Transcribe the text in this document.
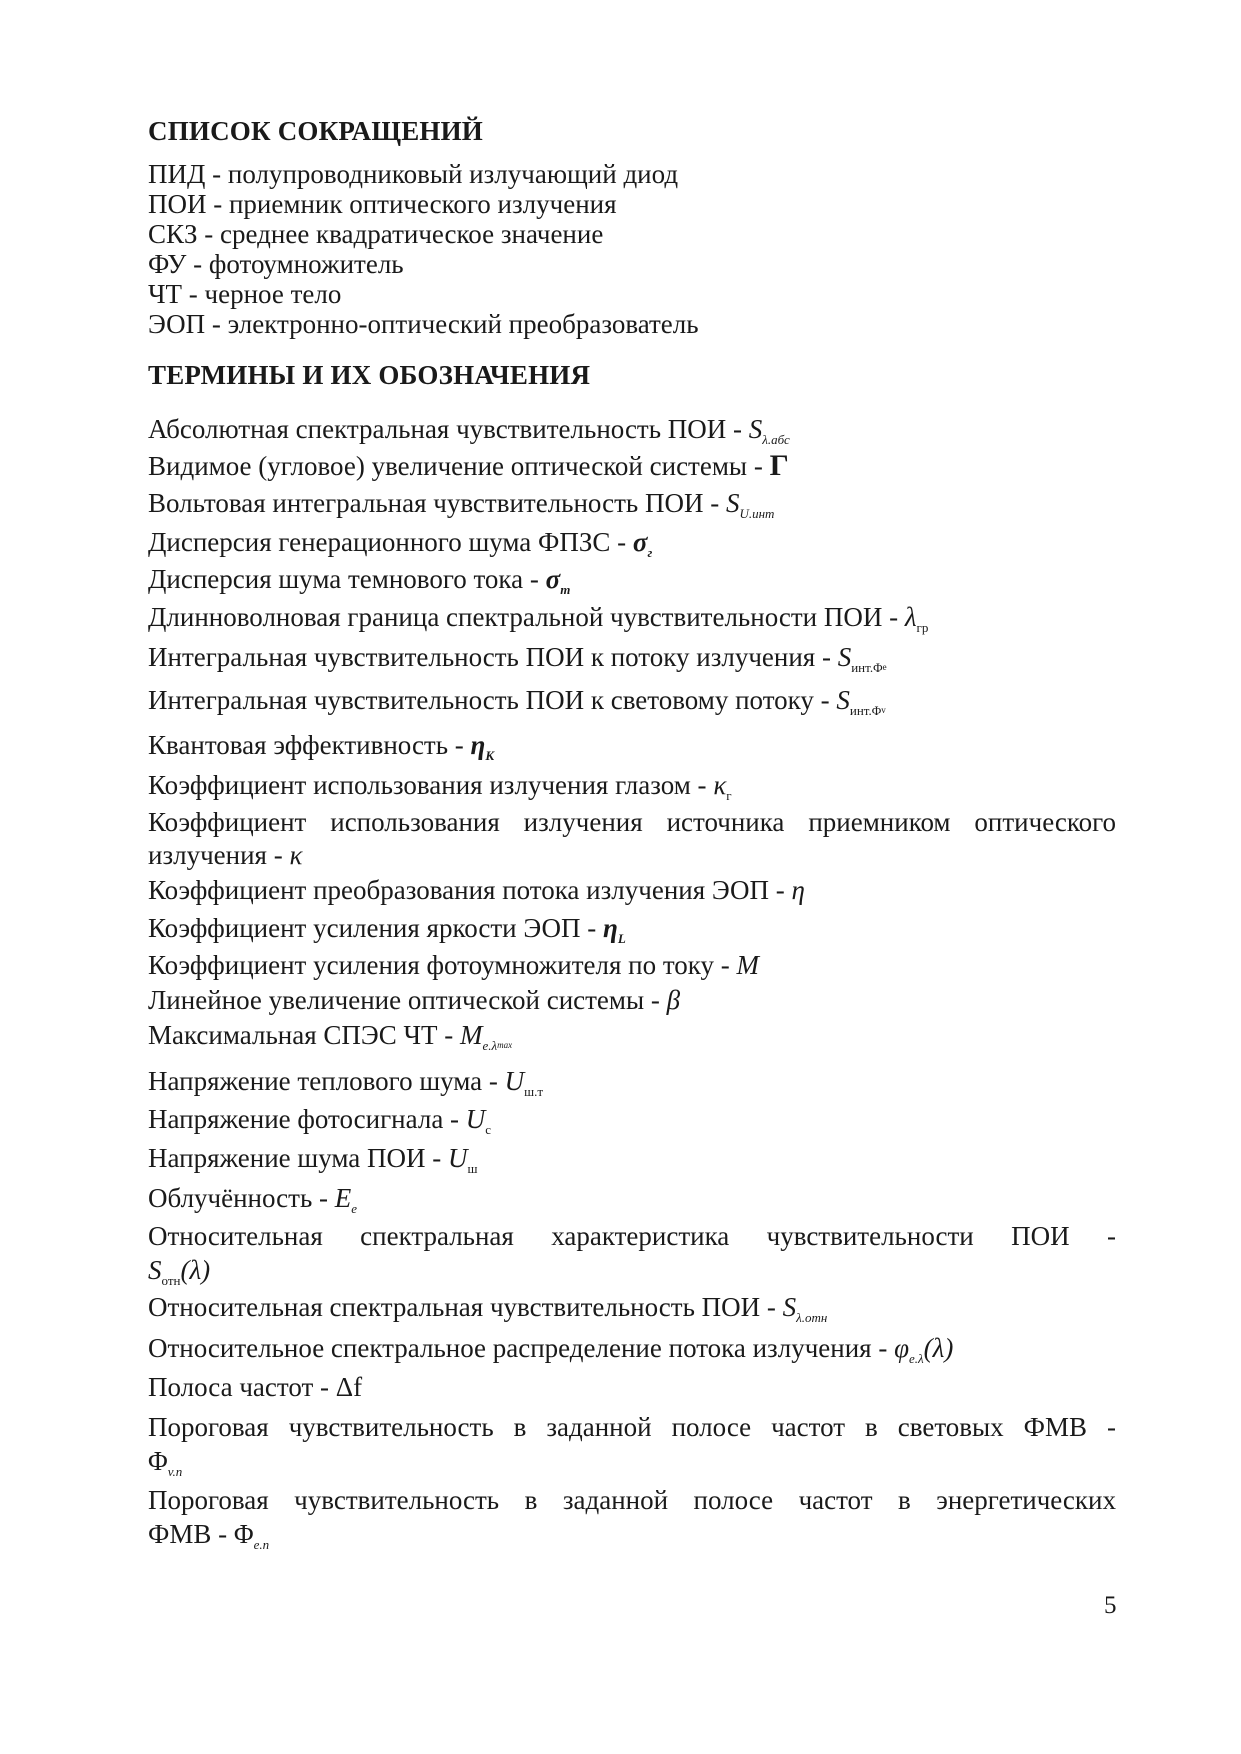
СПИСОК СОКРАЩЕНИЙ

ПИД - полупроводниковый излучающий диод

ПОИ - приемник оптического излучения

СКЗ - среднее квадратическое значение

ФУ - фотоумножитель

ЧТ - черное тело

ЭОП - электронно-оптический преобразователь

ТЕРМИНЫ И ИХ ОБОЗНАЧЕНИЯ

Абсолютная спектральная чувствительность ПОИ - $S_{\lambda.абс}$

Видимое (угловое) увеличение оптической системы - Γ

Вольтовая интегральная чувствительность ПОИ - $S_{U.инт}$

Дисперсия генерационного шума ФПЗС - $\sigma_г$

Дисперсия шума темнового тока - $\sigma_т$

Длинноволновая граница спектральной чувствительности ПОИ - $\lambda_{гр}$

Интегральная чувствительность ПОИ к потоку излучения - $S_{инт.\Phi}e$

Интегральная чувствительность ПОИ к световому потоку - $S_{инт.\Phi}v$

Квантовая эффективность - $\eta_К$

Коэффициент использования излучения глазом - $\kappa_г$

Коэффициент использования излучения источника приемником оптического

излучения - κ

Коэффициент преобразования потока излучения ЭОП - η

Коэффициент усиления яркости ЭОП - $\eta_L$

Коэффициент усиления фотоумножителя по току - M

Линейное увеличение оптической системы - β

Максимальная СПЭС ЧТ - $M_{e.\lambda}\max$

Напряжение теплового шума - $U_{ш.т}$

Напряжение фотосигнала - $U_с$

Напряжение шума ПОИ - $U_ш$

Облучённость - $E_e$

Относительная спектральная характеристика чувствительности ПОИ -

$S_{отн}(\lambda)$

Относительная спектральная чувствительность ПОИ - $S_{\lambda.отн}$

Относительное спектральное распределение потока излучения - $\varphi_{e.\lambda}(\lambda)$

Полоса частот - Δf

Пороговая чувствительность в заданной полосе частот в световых ФМВ -

$\Phi_{v.п}$

Пороговая чувствительность в заданной полосе частот в энергетических

ФМВ - $\Phi_{e.п}$

5
